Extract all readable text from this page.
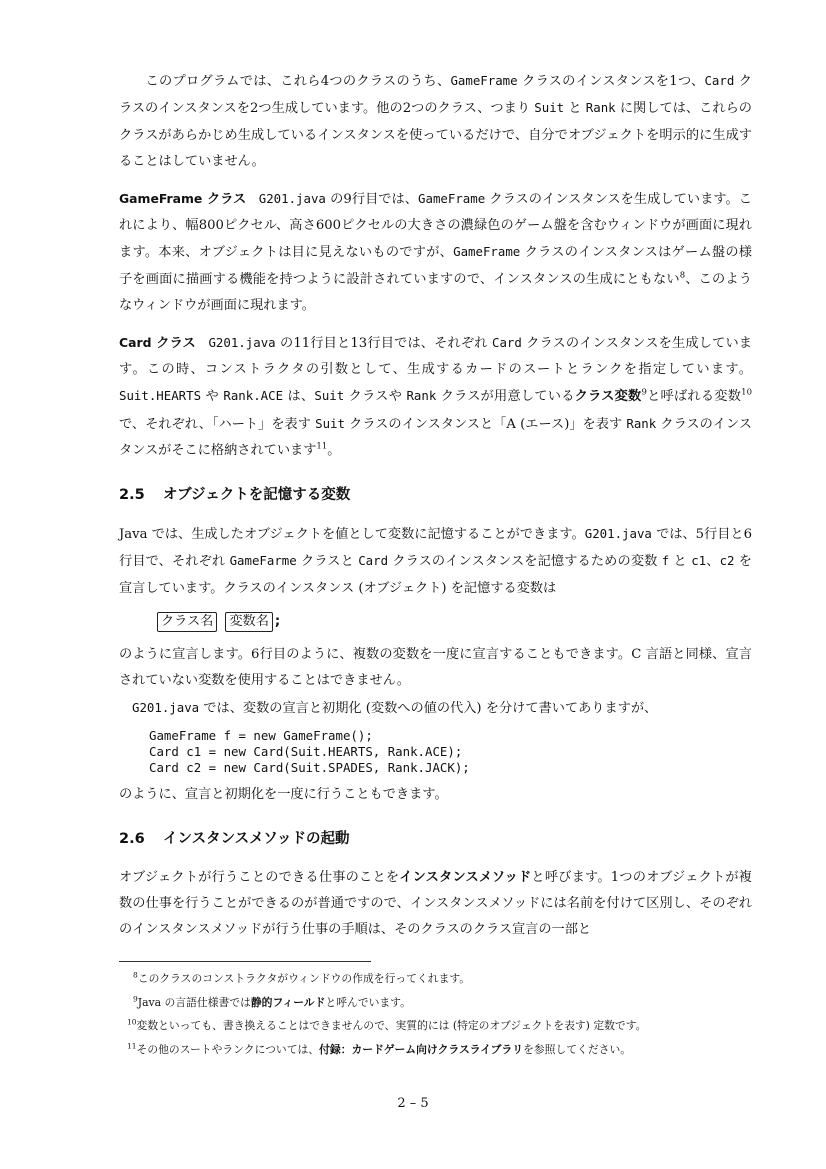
　このプログラムでは、これら4つのクラスのうち、GameFrame クラスのインスタンスを1つ、Card クラスのインスタンスを2つ生成しています。他の2つのクラス、つまり Suit と Rank に関しては、これらのクラスがあらかじめ生成しているインスタンスを使っているだけで、自分でオブジェクトを明示的に生成することはしていません。

GameFrame クラス　G201.java の9行目では、GameFrame クラスのインスタンスを生成しています。これにより、幅800ピクセル、高さ600ピクセルの大きさの濃緑色のゲーム盤を含むウィンドウが画面に現れます。本来、オブジェクトは目に見えないものですが、GameFrame クラスのインスタンスはゲーム盤の様子を画面に描画する機能を持つように設計されていますので、インスタンスの生成にともない$^8$、このようなウィンドウが画面に現れます。

Card クラス　G201.java の11行目と13行目では、それぞれ Card クラスのインスタンスを生成しています。この時、コンストラクタの引数として、生成するカードのスートとランクを指定しています。Suit.HEARTS や Rank.ACE は、Suit クラスや Rank クラスが用意しているクラス変数$^9$と呼ばれる変数$^{10}$で、それぞれ、「ハート」を表す Suit クラスのインスタンスと「A (エース)」を表す Rank クラスのインスタンスがそこに格納されています$^{11}$。

2.5 オブジェクトを記憶する変数

Java では、生成したオブジェクトを値として変数に記憶することができます。G201.java では、5行目と6行目で、それぞれ GameFarme クラスと Card クラスのインスタンスを記憶するための変数 f と c1、c2 を宣言しています。クラスのインスタンス (オブジェクト) を記憶する変数は

クラス名 変数名 ;

のように宣言します。6行目のように、複数の変数を一度に宣言することもできます。C 言語と同様、宣言されていない変数を使用することはできません。

G201.java では、変数の宣言と初期化 (変数への値の代入) を分けて書いてありますが、

GameFrame f = new GameFrame();
Card c1 = new Card(Suit.HEARTS, Rank.ACE);
Card c2 = new Card(Suit.SPADES, Rank.JACK);

のように、宣言と初期化を一度に行うこともできます。

2.6 インスタンスメソッドの起動

オブジェクトが行うことのできる仕事のことをインスタンスメソッドと呼びます。1つのオブジェクトが複数の仕事を行うことができるのが普通ですので、インスタンスメソッドには名前を付けて区別し、そのぞれのインスタンスメソッドが行う仕事の手順は、そのクラスのクラス宣言の一部と

$^8$このクラスのコンストラクタがウィンドウの作成を行ってくれます。
$^9$Java の言語仕様書では静的フィールドと呼んでいます。
$^{10}$変数といっても、書き換えることはできませんので、実質的には (特定のオブジェクトを表す) 定数です。
$^{11}$その他のスートやランクについては、付録：カードゲーム向けクラスライブラリを参照してください。
2 – 5
